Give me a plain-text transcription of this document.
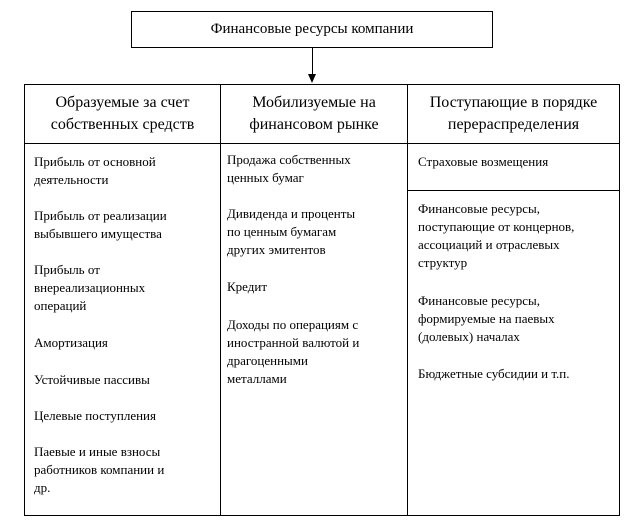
Финансовые ресурсы компании
Образуемые за счет
собственных средств
Прибыль от основной
деятельности
Прибыль от реализации
выбывшего имущества
Прибыль от
внереализационных
операций
Амортизация
Устойчивые пассивы
Целевые поступления
Паевые и иные взносы
работников компании и
др.
Мобилизуемые на
финансовом рынке
Продажа собственных
ценных бумаг
Дивиденда и проценты
по ценным бумагам
других эмитентов
Кредит
Доходы по операциям с
иностранной валютой и
драгоценными
металлами
Поступающие в порядке
перераспределения
Страховые возмещения
Финансовые ресурсы,
поступающие от концернов,
ассоциаций и отраслевых
структур
Финансовые ресурсы,
формируемые на паевых
(долевых) началах
Бюджетные субсидии и т.п.
